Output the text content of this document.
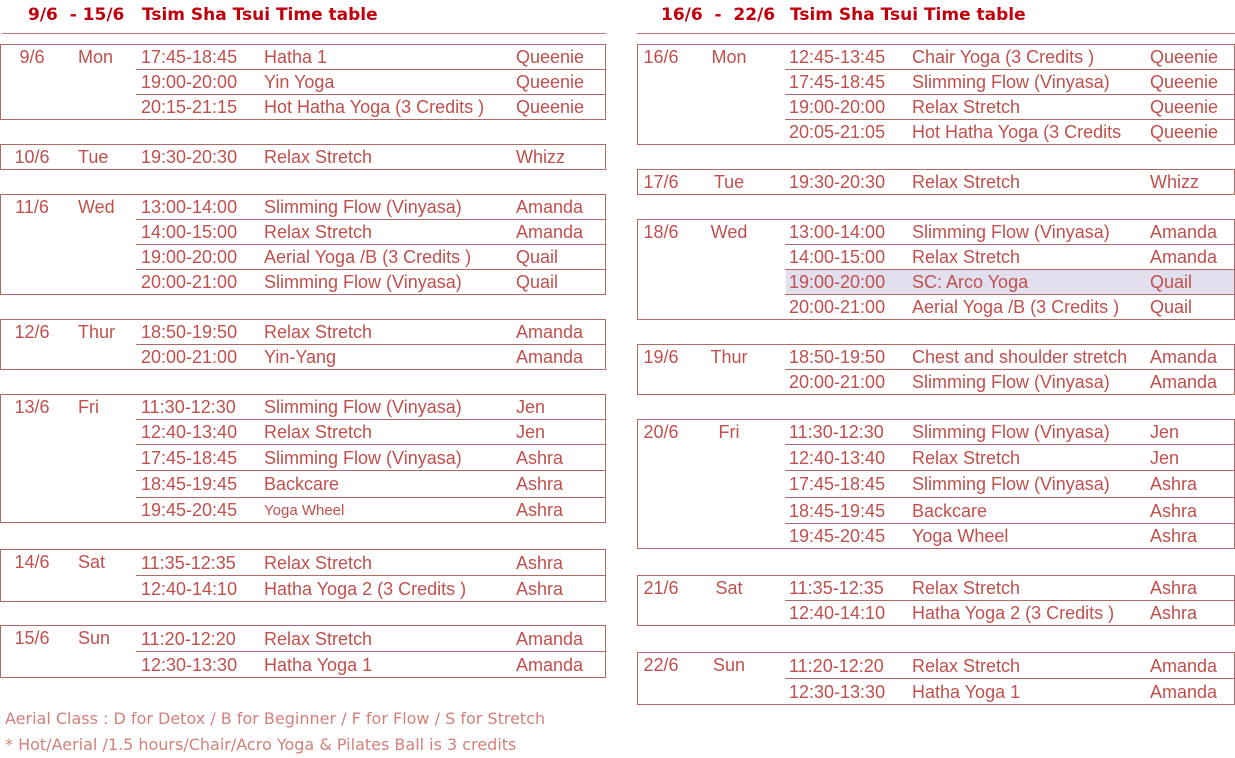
9/6  - 15/6 Tsim Sha Tsui Time table
9/6 Mon 17:45-18:45 Hatha 1	Queenie
19:00-20:00 Yin Yoga	Queenie
20:15-21:15 Hot Hatha Yoga (3 Credits ) Queenie
10/6 Tue 19:30-20:30 Relax Stretch	Whizz
11/6 Wed 13:00-14:00 Slimming Flow (Vinyasa)	Amanda
14:00-15:00 Relax Stretch	Amanda
19:00-20:00 Aerial Yoga /B (3 Credits ) Quail
20:00-21:00 Slimming Flow (Vinyasa)	Quail
12/6 Thur 18:50-19:50 Relax Stretch	Amanda
20:00-21:00 Yin-Yang	Amanda
13/6 Fri 11:30-12:30 Slimming Flow (Vinyasa)	Jen
12:40-13:40 Relax Stretch	Jen
17:45-18:45 Slimming Flow (Vinyasa)	Ashra
18:45-19:45 Backcare	Ashra
19:45-20:45 Yoga Wheel	Ashra
14/6 Sat 11:35-12:35 Relax Stretch	Ashra
12:40-14:10 Hatha Yoga 2 (3 Credits )	Ashra
15/6 Sun 11:20-12:20 Relax Stretch	Amanda
12:30-13:30 Hatha Yoga 1	Amanda
16/6  -  22/6 Tsim Sha Tsui Time table
16/6 Mon 12:45-13:45 Chair Yoga (3 Credits )	Queenie
17:45-18:45 Slimming Flow (Vinyasa) Queenie
19:00-20:00 Relax Stretch	Queenie
20:05-21:05 Hot Hatha Yoga (3 Credits Queenie
17/6 Tue 19:30-20:30 Relax Stretch	Whizz
18/6 Wed 13:00-14:00 Slimming Flow (Vinyasa) Amanda
14:00-15:00 Relax Stretch	Amanda
19:00-20:00 SC: Arco Yoga	Quail
20:00-21:00 Aerial Yoga /B (3 Credits ) Quail
19/6 Thur 18:50-19:50 Chest and shoulder stretch Amanda
20:00-21:00 Slimming Flow (Vinyasa) Amanda
20/6 Fri	11:30-12:30 Slimming Flow (Vinyasa) Jen
12:40-13:40 Relax Stretch	Jen
17:45-18:45 Slimming Flow (Vinyasa) Ashra
18:45-19:45 Backcare	Ashra
19:45-20:45 Yoga Wheel	Ashra
21/6 Sat	11:35-12:35 Relax Stretch	Ashra
12:40-14:10 Hatha Yoga 2 (3 Credits ) Ashra
22/6 Sun 11:20-12:20 Relax Stretch	Amanda
12:30-13:30 Hatha Yoga 1	Amanda
Aerial Class : D for Detox / B for Beginner / F for Flow / S for Stretch
* Hot/Aerial /1.5 hours/Chair/Acro Yoga & Pilates Ball is 3 credits
